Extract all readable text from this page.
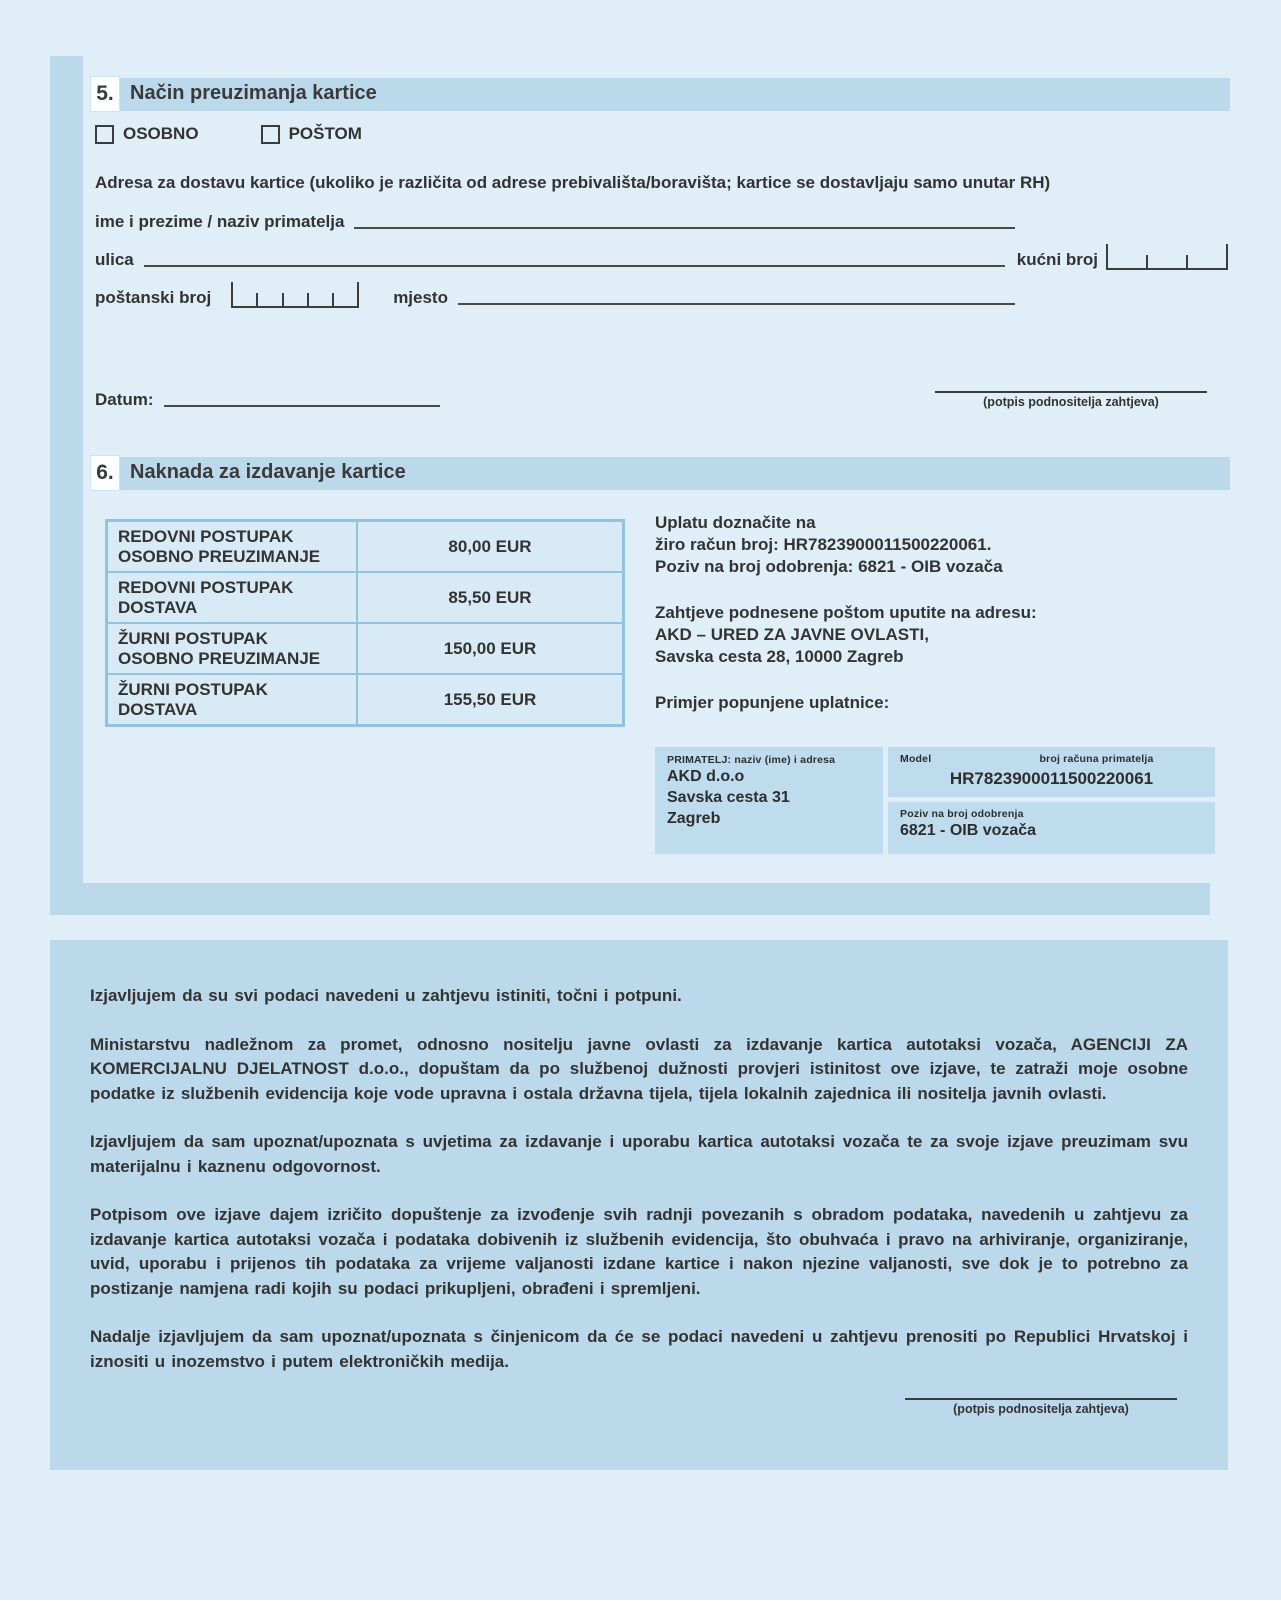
5. Način preuzimanja kartice
OSOBNO	POŠTOM
Adresa za dostavu kartice (ukoliko je različita od adrese prebivališta/boravišta; kartice se dostavljaju samo unutar RH)
ime i prezime / naziv primatelja
ulica	kućni broj
poštanski broj	mjesto
Datum:	(potpis podnositelja zahtjeva)
6. Naknada za izdavanje kartice
REDOVNI POSTUPAK
OSOBNO PREUZIMANJE
80,00 EUR
REDOVNI POSTUPAK
DOSTAVA
85,50 EUR
ŽURNI POSTUPAK
OSOBNO PREUZIMANJE
150,00 EUR
ŽURNI POSTUPAK
DOSTAVA
155,50 EUR
Uplatu doznačite na
žiro račun broj: HR7823900011500220061.
Poziv na broj odobrenja: 6821 - OIB vozača
Zahtjeve podnesene poštom uputite na adresu:
AKD – URED ZA JAVNE OVLASTI,
Savska cesta 28, 10000 Zagreb
Primjer popunjene uplatnice:
PRIMATELJ: naziv (ime) i adresa
AKD d.o.o
Savska cesta 31
Zagreb
Model	broj računa primatelja
HR7823900011500220061
Poziv na broj odobrenja
6821 - OIB vozača

Izjavljujem da su svi podaci navedeni u zahtjevu istiniti, točni i potpuni.

Ministarstvu nadležnom za promet, odnosno nositelju javne ovlasti za izdavanje kartica autotaksi vozača, AGENCIJI ZA KOMERCIJALNU DJELATNOST d.o.o., dopuštam da po službenoj dužnosti provjeri istinitost ove izjave, te zatraži moje osobne podatke iz službenih evidencija koje vode upravna i ostala državna tijela, tijela lokalnih zajednica ili nositelja javnih ovlasti.

Izjavljujem da sam upoznat/upoznata s uvjetima za izdavanje i uporabu kartica autotaksi vozača te za svoje izjave preuzimam svu materijalnu i kaznenu odgovornost.

Potpisom ove izjave dajem izričito dopuštenje za izvođenje svih radnji povezanih s obradom podataka, navedenih u zahtjevu za izdavanje kartica autotaksi vozača i podataka dobivenih iz službenih evidencija, što obuhvaća i pravo na arhiviranje, organiziranje, uvid, uporabu i prijenos tih podataka za vrijeme valjanosti izdane kartice i nakon njezine valjanosti, sve dok je to potrebno za postizanje namjena radi kojih su podaci prikupljeni, obrađeni i spremljeni.

Nadalje izjavljujem da sam upoznat/upoznata s činjenicom da će se podaci navedeni u zahtjevu prenositi po Republici Hrvatskoj i iznositi u inozemstvo i putem elektroničkih medija.

(potpis podnositelja zahtjeva)
